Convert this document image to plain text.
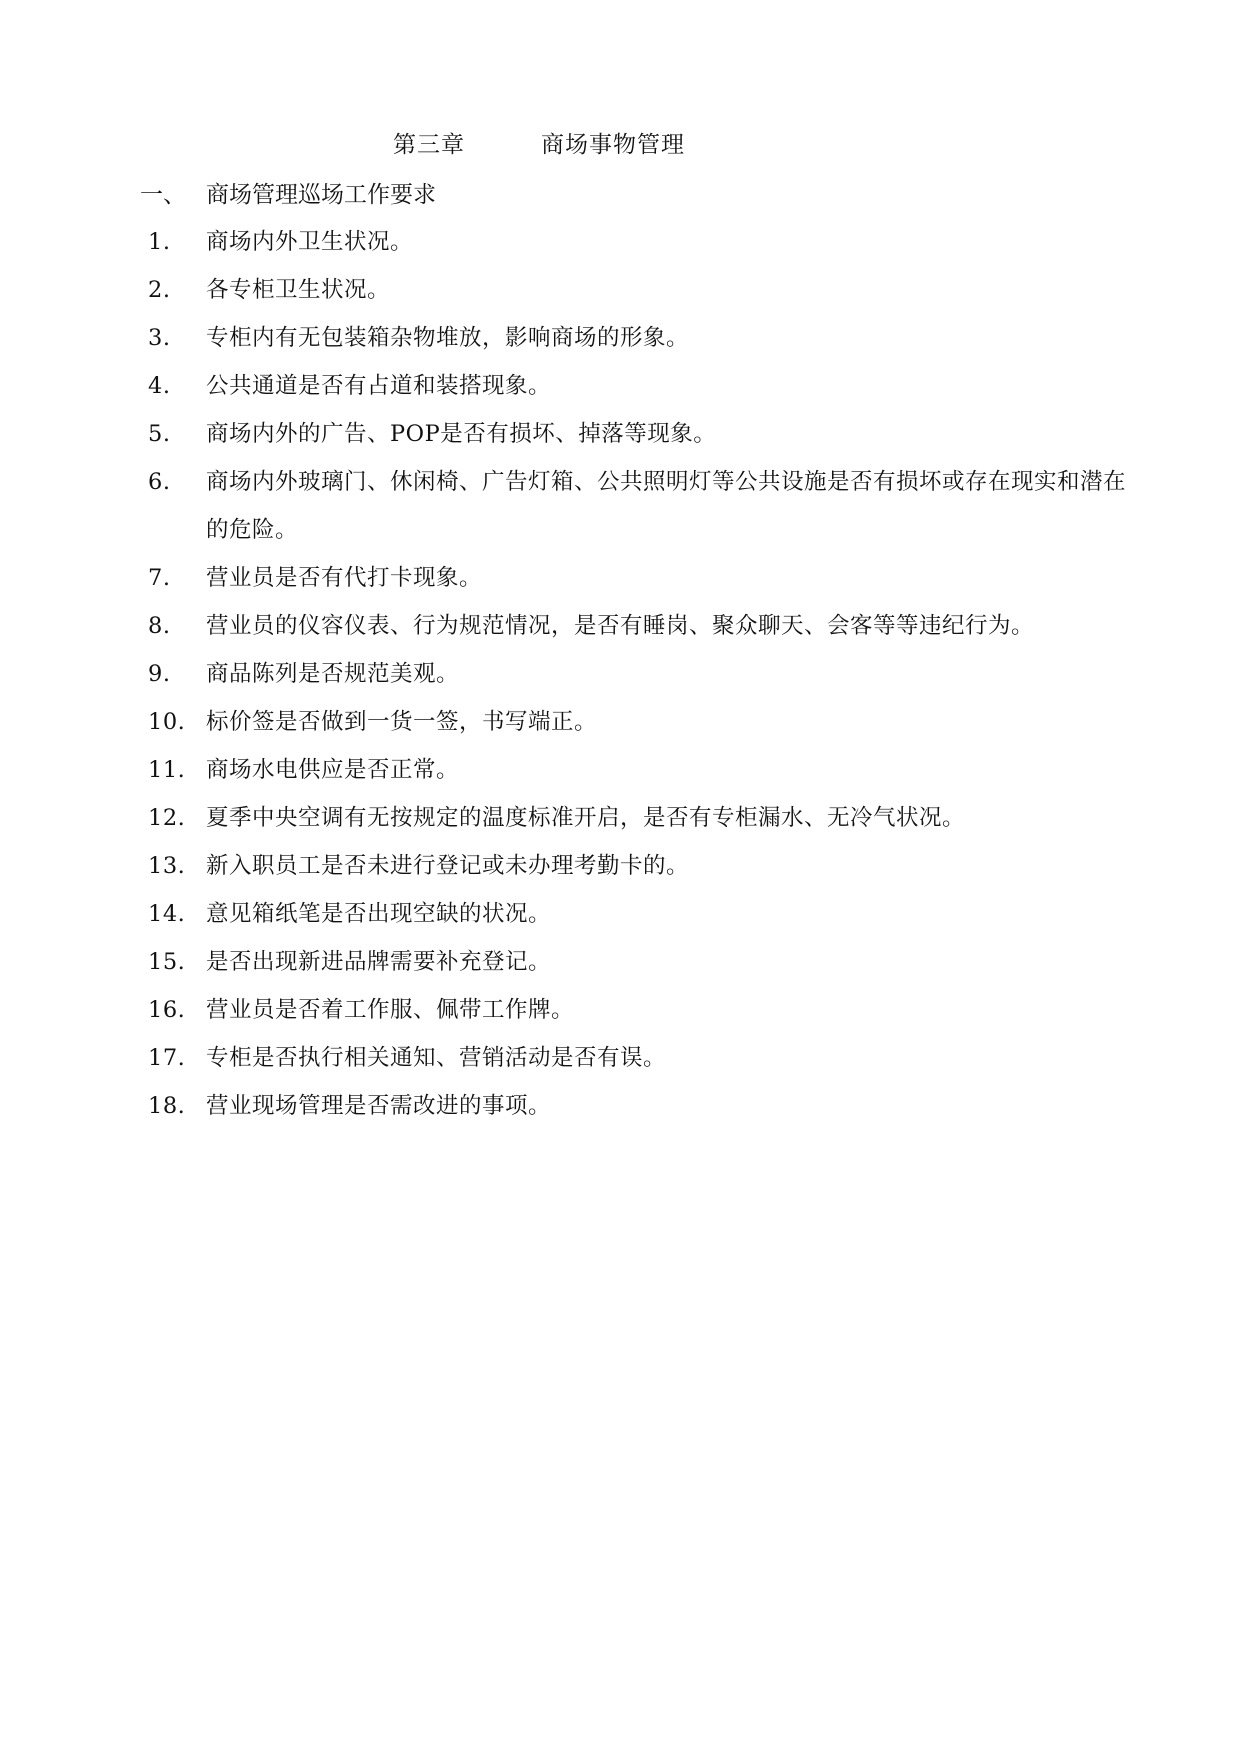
第三章	商场事物管理
一、 商场管理巡场工作要求
1.	商场内外卫生状况。
2.	各专柜卫生状况。
3.	专柜内有无包装箱杂物堆放，影响商场的形象。
4.	公共通道是否有占道和装搭现象。
5.	商场内外的广告、POP是否有损坏、掉落等现象。
6.	商场内外玻璃门、休闲椅、广告灯箱、公共照明灯等公共设施是否有损坏或存在现实和潜在的危险。
7.	营业员是否有代打卡现象。
8.	营业员的仪容仪表、行为规范情况，是否有睡岗、聚众聊天、会客等等违纪行为。
9.	商品陈列是否规范美观。
10. 标价签是否做到一货一签，书写端正。
11. 商场水电供应是否正常。
12. 夏季中央空调有无按规定的温度标准开启，是否有专柜漏水、无冷气状况。
13. 新入职员工是否未进行登记或未办理考勤卡的。
14. 意见箱纸笔是否出现空缺的状况。
15. 是否出现新进品牌需要补充登记。
16. 营业员是否着工作服、佩带工作牌。
17. 专柜是否执行相关通知、营销活动是否有误。
18. 营业现场管理是否需改进的事项。
